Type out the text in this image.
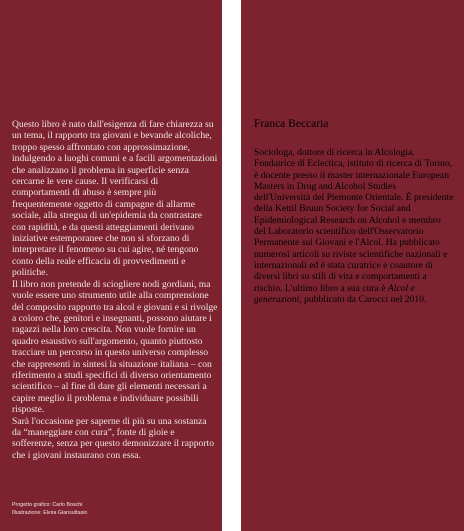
Questo libro è nato dall'esigenza di fare chiarezza su un tema, il rapporto tra giovani e bevande alcoliche, troppo spesso affrontato con approssimazione, indulgendo a luoghi comuni e a facili argomentazioni che analizzano il problema in superficie senza cercarne le vere cause. Il verificarsi di comportamenti di abuso è sempre più frequentemente oggetto di campagne di allarme sociale, alla stregua di un'epidemia da contrastare con rapidità, e da questi atteggiamenti derivano iniziative estemporanee che non si sforzano di interpretare il fenomeno su cui agire, né tengono conto della reale efficacia di provvedimenti e politiche.

Il libro non pretende di sciogliere nodi gordiani, ma vuole essere uno strumento utile alla comprensione del composito rapporto tra alcol e giovani e si rivolge a coloro che, genitori e insegnanti, possono aiutare i ragazzi nella loro crescita. Non vuole fornire un quadro esaustivo sull'argomento, quanto piuttosto tracciare un percorso in questo universo complesso che rappresenti in sintesi la situazione italiana – con riferimento a studi specifici di diverso orientamento scientifico – al fine di dare gli elementi necessari a capire meglio il problema e individuare possibili risposte.

Sarà l'occasione per saperne di più su una sostanza da “maneggiare con cura”, fonte di gioie e sofferenze, senza per questo demonizzare il rapporto che i giovani instaurano con essa.

Progetto grafico: Carlo Boschi
Illustrazione: Elvira Giansuttasio
Franca Beccaria
Sociologa, dottore di ricerca in Alcologia. Fondatrice di Eclectica, istituto di ricerca di Torino, è docente presso il master internazionale European Masters in Drug and Alcohol Studies dell'Università del Piemonte Orientale. È presidente della Kettil Bruun Society for Social and Epidemiological Research on Alcohol e membro del Laboratorio scientifico dell'Osservatorio Permanente sui Giovani e l'Alcol. Ha pubblicato numerosi articoli su riviste scientifiche nazionali e internazionali ed è stata curatrice e coautore di diversi libri su stili di vita e comportamenti a rischio. L'ultimo libro a sua cura è Alcol e generazioni, pubblicato da Carocci nel 2010.
